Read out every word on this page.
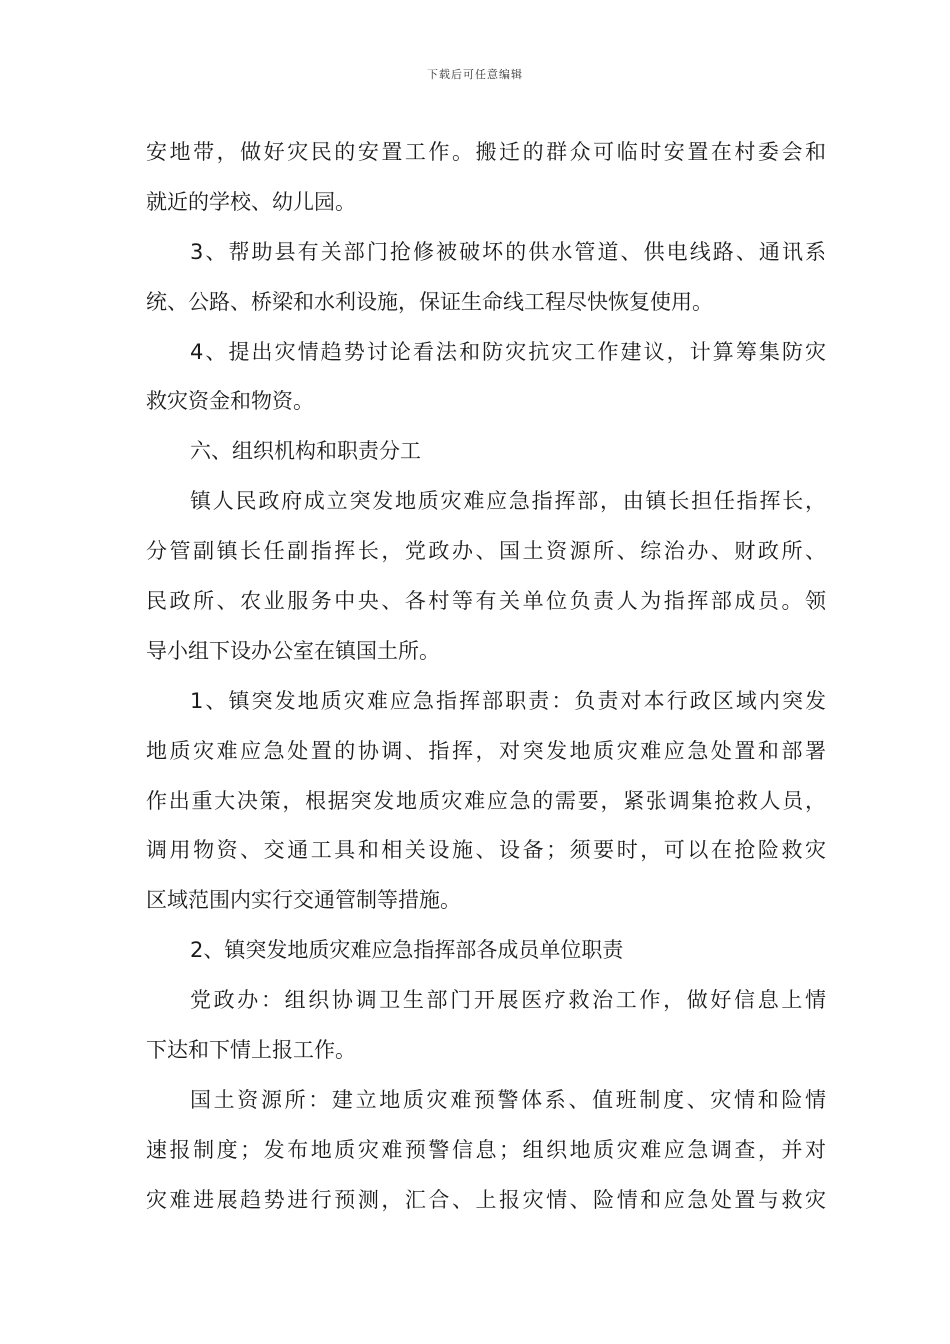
下载后可任意编辑
安地带，做好灾民的安置工作。搬迁的群众可临时安置在村委会和
就近的学校、幼儿园。
3、帮助县有关部门抢修被破坏的供水管道、供电线路、通讯系
统、公路、桥梁和水利设施，保证生命线工程尽快恢复使用。
4、提出灾情趋势讨论看法和防灾抗灾工作建议，计算筹集防灾
救灾资金和物资。
六、组织机构和职责分工
镇人民政府成立突发地质灾难应急指挥部，由镇长担任指挥长，
分管副镇长任副指挥长，党政办、国土资源所、综治办、财政所、
民政所、农业服务中央、各村等有关单位负责人为指挥部成员。领
导小组下设办公室在镇国土所。
1、镇突发地质灾难应急指挥部职责：负责对本行政区域内突发
地质灾难应急处置的协调、指挥，对突发地质灾难应急处置和部署
作出重大决策，根据突发地质灾难应急的需要，紧张调集抢救人员，
调用物资、交通工具和相关设施、设备；须要时，可以在抢险救灾
区域范围内实行交通管制等措施。
2、镇突发地质灾难应急指挥部各成员单位职责
党政办：组织协调卫生部门开展医疗救治工作，做好信息上情
下达和下情上报工作。
国土资源所：建立地质灾难预警体系、值班制度、灾情和险情
速报制度；发布地质灾难预警信息；组织地质灾难应急调查，并对
灾难进展趋势进行预测，汇合、上报灾情、险情和应急处置与救灾
